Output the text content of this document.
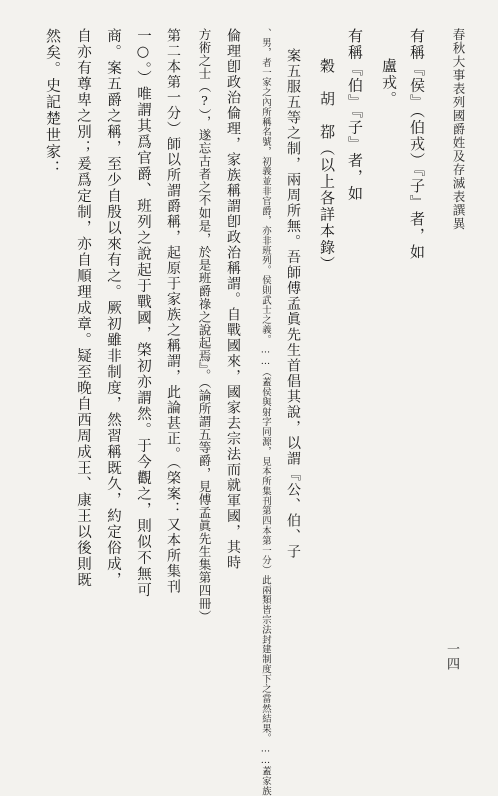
春秋大事表列國爵姓及存滅表譔異
有稱『侯』（伯戎）『子』者，如
盧戎。
有稱『伯』『子』者，如
穀　胡　鄀（以上各詳本錄）
案五服五等之制，兩周所無。吾師傅孟眞先生首倡其說，以謂『公、伯、子
、男，者一家之內所稱名號，初義並非官爵，亦非班列。侯則武士之義。……（蓋侯與射字同源，見本所集刊第四本第一分）此兩類皆宗法封建制度下之當然結果。……蓋家族
倫理卽政治倫理，家族稱謂卽政治稱謂。自戰國來，國家去宗法而就軍國，其時
方術之士（?），遂忘古者之不如是，於是班爵祿之說起焉』。（論所謂五等爵，見傅孟眞先生集第四冊）
第二本第一分）師以所謂爵稱，起原于家族之稱謂，此論甚正。（棨案：又本所集刊
一○。）唯謂其爲官爵、班列之說起于戰國，棨初亦謂然。于今觀之，則似不無可
商。案五爵之稱，至少自殷以來有之。厥初雖非制度，然習稱既久，約定俗成，
自亦有尊卑之別；爰爲定制，亦自順理成章。疑至晚自西周成王、康王以後則既
然矣。史記楚世家：
一四
